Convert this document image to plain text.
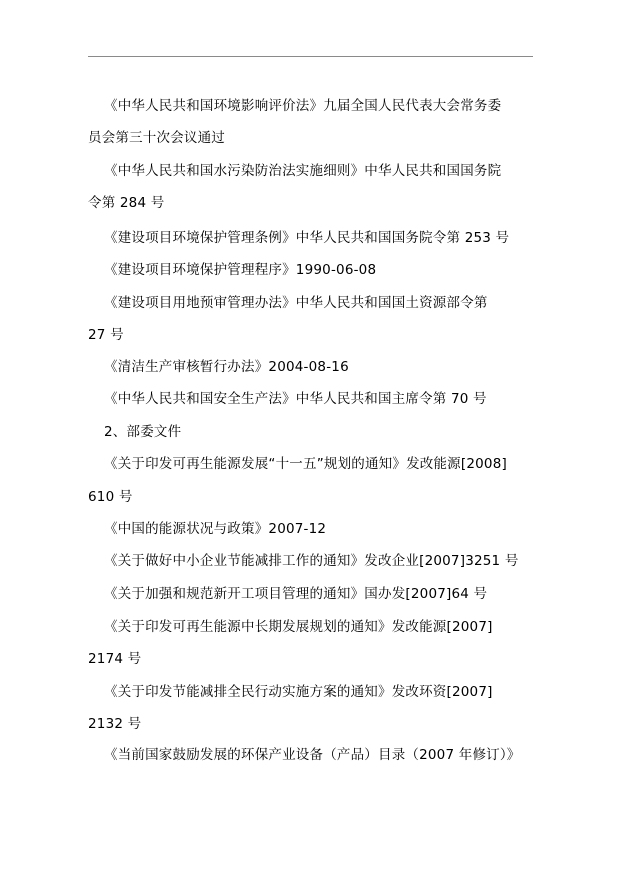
《中华人民共和国环境影响评价法》九届全国人民代表大会常务委
员会第三十次会议通过
《中华人民共和国水污染防治法实施细则》中华人民共和国国务院
令第 284 号
《建设项目环境保护管理条例》中华人民共和国国务院令第 253 号
《建设项目环境保护管理程序》1990-06-08
《建设项目用地预审管理办法》中华人民共和国国土资源部令第
27 号
《清洁生产审核暂行办法》2004-08-16
《中华人民共和国安全生产法》中华人民共和国主席令第 70 号
2、部委文件
《关于印发可再生能源发展“十一五”规划的通知》发改能源[2008]
610 号
《中国的能源状况与政策》2007-12
《关于做好中小企业节能减排工作的通知》发改企业[2007]3251 号
《关于加强和规范新开工项目管理的通知》国办发[2007]64 号
《关于印发可再生能源中长期发展规划的通知》发改能源[2007]
2174 号
《关于印发节能减排全民行动实施方案的通知》发改环资[2007]
2132 号
《当前国家鼓励发展的环保产业设备（产品）目录（2007 年修订）》
